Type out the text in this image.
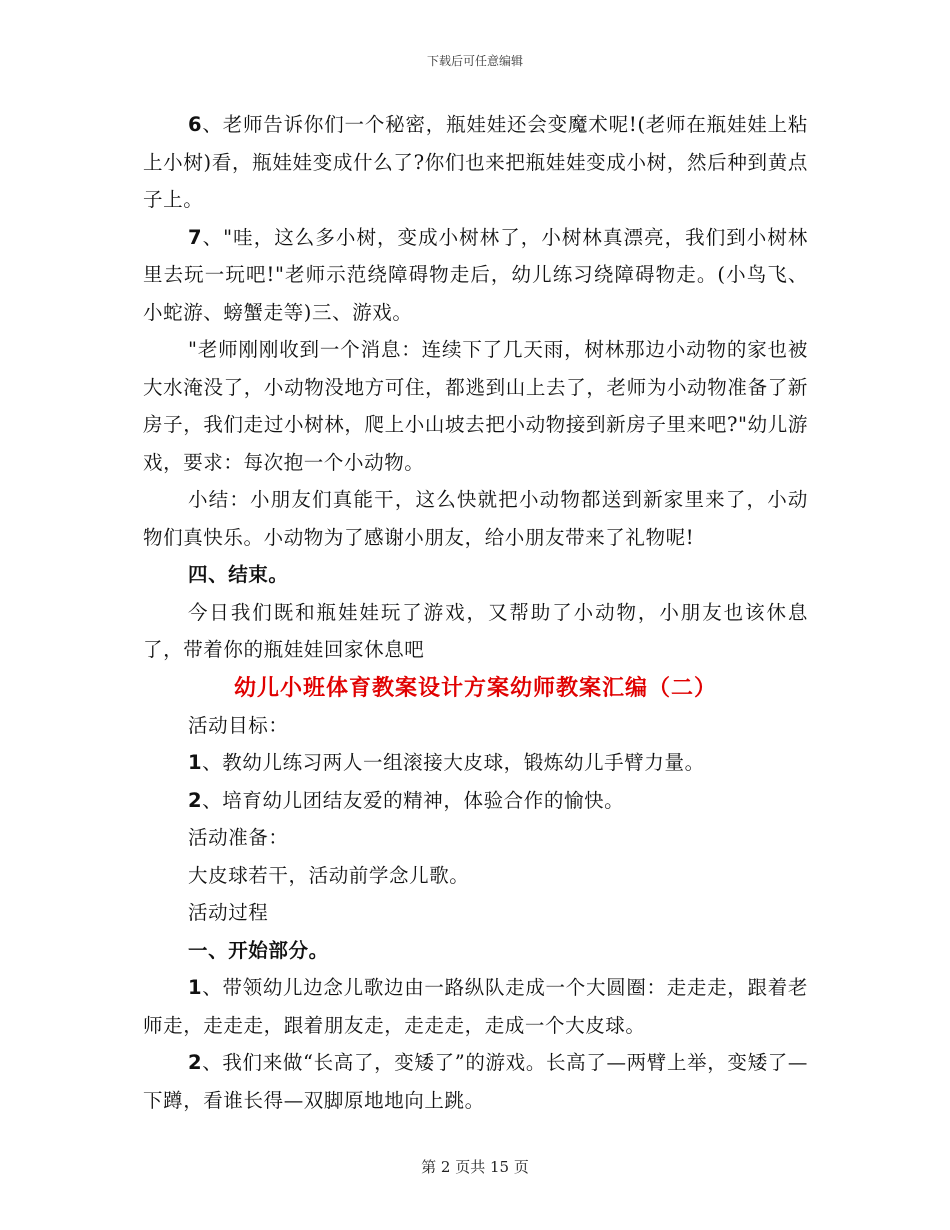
下载后可任意编辑

6、老师告诉你们一个秘密，瓶娃娃还会变魔术呢!(老师在瓶娃娃上粘上小树)看，瓶娃娃变成什么了?你们也来把瓶娃娃变成小树，然后种到黄点子上。

7、"哇，这么多小树，变成小树林了，小树林真漂亮，我们到小树林里去玩一玩吧!"老师示范绕障碍物走后，幼儿练习绕障碍物走。(小鸟飞、小蛇游、螃蟹走等)三、游戏。

"老师刚刚收到一个消息：连续下了几天雨，树林那边小动物的家也被大水淹没了，小动物没地方可住，都逃到山上去了，老师为小动物准备了新房子，我们走过小树林，爬上小山坡去把小动物接到新房子里来吧?"幼儿游戏，要求：每次抱一个小动物。

小结：小朋友们真能干，这么快就把小动物都送到新家里来了，小动物们真快乐。小动物为了感谢小朋友，给小朋友带来了礼物呢!

四、结束。

今日我们既和瓶娃娃玩了游戏，又帮助了小动物，小朋友也该休息了，带着你的瓶娃娃回家休息吧

幼儿小班体育教案设计方案幼师教案汇编（二）

活动目标：

1、教幼儿练习两人一组滚接大皮球，锻炼幼儿手臂力量。

2、培育幼儿团结友爱的精神，体验合作的愉快。

活动准备：

大皮球若干，活动前学念儿歌。

活动过程

一、开始部分。

1、带领幼儿边念儿歌边由一路纵队走成一个大圆圈：走走走，跟着老师走，走走走，跟着朋友走，走走走，走成一个大皮球。

2、我们来做“长高了，变矮了”的游戏。长高了—两臂上举，变矮了—下蹲，看谁长得—双脚原地地向上跳。

第 2 页共 15 页
